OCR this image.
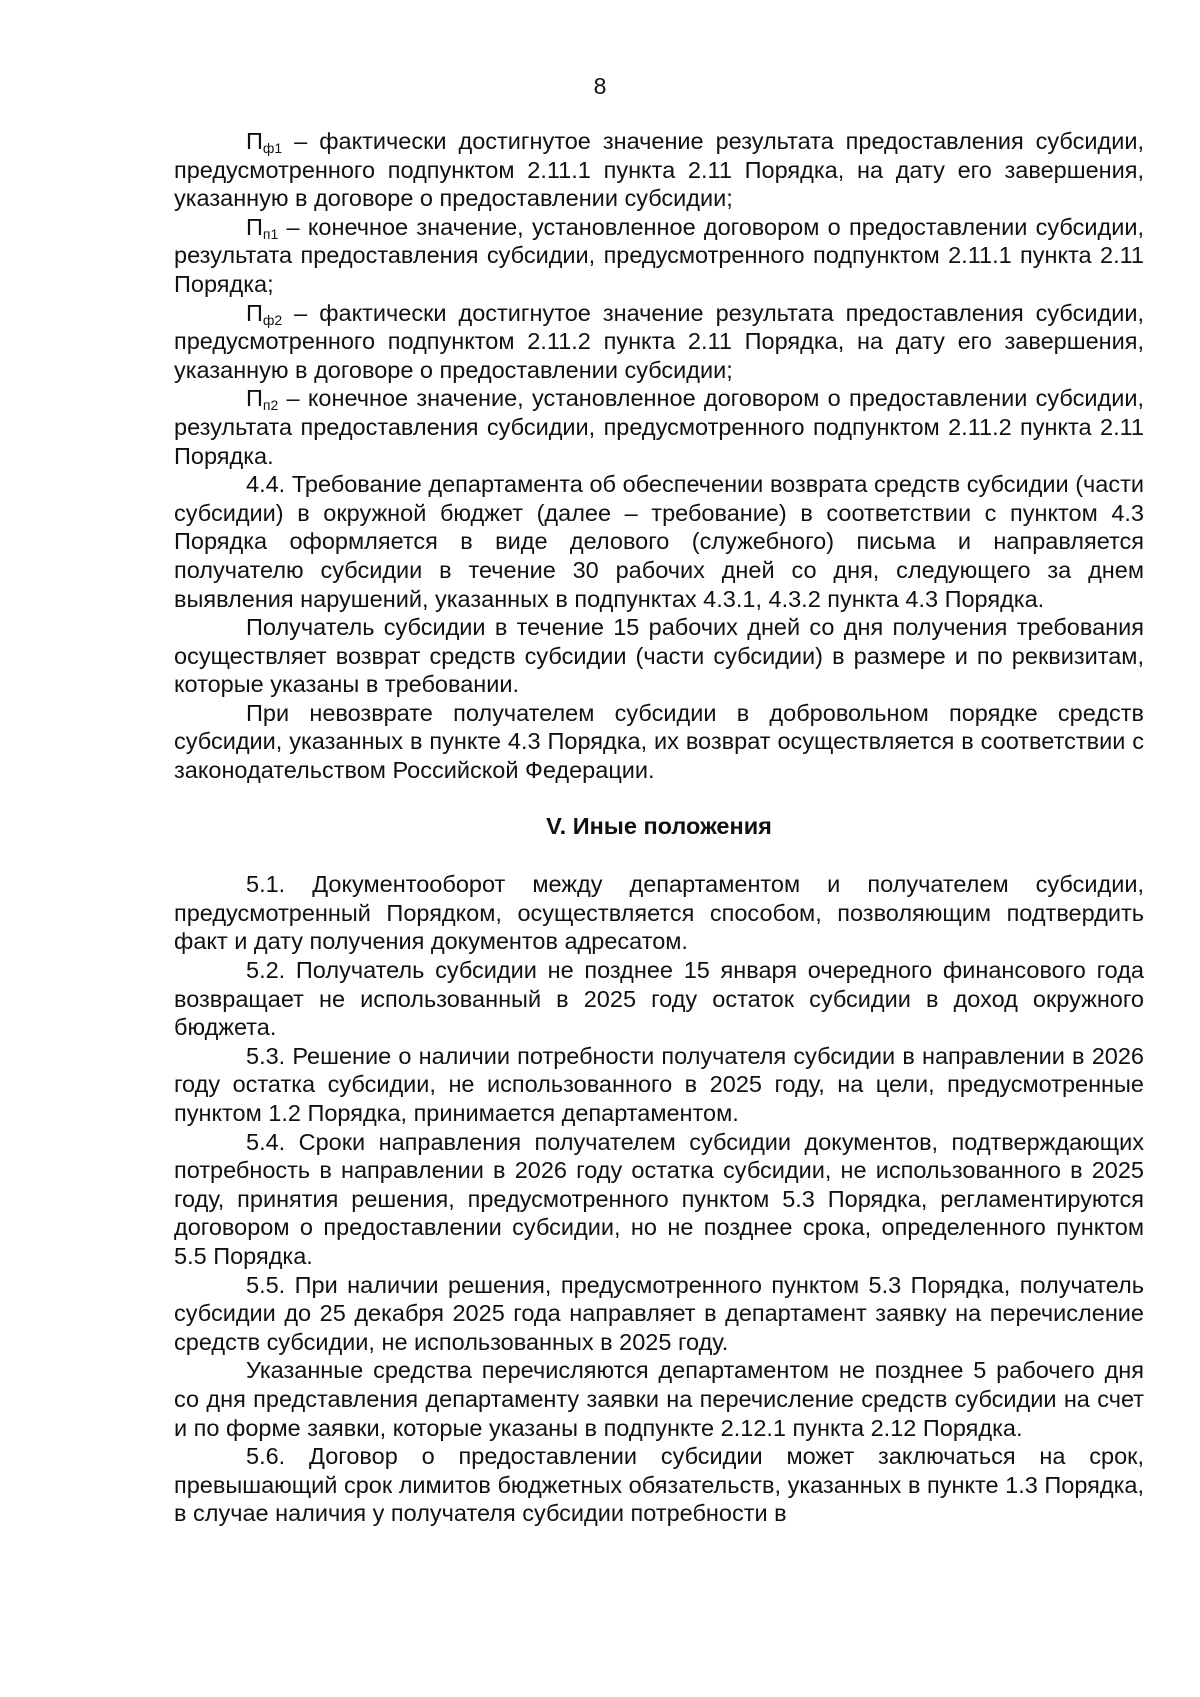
8

$П_{ф1}$ – фактически достигнутое значение результата предоставления субсидии, предусмотренного подпунктом 2.11.1 пункта 2.11 Порядка, на дату его завершения, указанную в договоре о предоставлении субсидии;

$П_{п1}$ – конечное значение, установленное договором о предоставлении субсидии, результата предоставления субсидии, предусмотренного подпунктом 2.11.1 пункта 2.11 Порядка;

$П_{ф2}$ – фактически достигнутое значение результата предоставления субсидии, предусмотренного подпунктом 2.11.2 пункта 2.11 Порядка, на дату его завершения, указанную в договоре о предоставлении субсидии;

$П_{п2}$ – конечное значение, установленное договором о предоставлении субсидии, результата предоставления субсидии, предусмотренного подпунктом 2.11.2 пункта 2.11 Порядка.

4.4. Требование департамента об обеспечении возврата средств субсидии (части субсидии) в окружной бюджет (далее – требование) в соответствии с пунктом 4.3 Порядка оформляется в виде делового (служебного) письма и направляется получателю субсидии в течение 30 рабочих дней со дня, следующего за днем выявления нарушений, указанных в подпунктах 4.3.1, 4.3.2 пункта 4.3 Порядка.

Получатель субсидии в течение 15 рабочих дней со дня получения требования осуществляет возврат средств субсидии (части субсидии) в размере и по реквизитам, которые указаны в требовании.

При невозврате получателем субсидии в добровольном порядке средств субсидии, указанных в пункте 4.3 Порядка, их возврат осуществляется в соответствии с законодательством Российской Федерации.

V. Иные положения

5.1. Документооборот между департаментом и получателем субсидии, предусмотренный Порядком, осуществляется способом, позволяющим подтвердить факт и дату получения документов адресатом.

5.2. Получатель субсидии не позднее 15 января очередного финансового года возвращает не использованный в 2025 году остаток субсидии в доход окружного бюджета.

5.3. Решение о наличии потребности получателя субсидии в направлении в 2026 году остатка субсидии, не использованного в 2025 году, на цели, предусмотренные пунктом 1.2 Порядка, принимается департаментом.

5.4. Сроки направления получателем субсидии документов, подтверждающих потребность в направлении в 2026 году остатка субсидии, не использованного в 2025 году, принятия решения, предусмотренного пунктом 5.3 Порядка, регламентируются договором о предоставлении субсидии, но не позднее срока, определенного пунктом 5.5 Порядка.

5.5. При наличии решения, предусмотренного пунктом 5.3 Порядка, получатель субсидии до 25 декабря 2025 года направляет в департамент заявку на перечисление средств субсидии, не использованных в 2025 году.

Указанные средства перечисляются департаментом не позднее 5 рабочего дня со дня представления департаменту заявки на перечисление средств субсидии на счет и по форме заявки, которые указаны в подпункте 2.12.1 пункта 2.12 Порядка.

5.6. Договор о предоставлении субсидии может заключаться на срок, превышающий срок лимитов бюджетных обязательств, указанных в пункте 1.3 Порядка, в случае наличия у получателя субсидии потребности в
